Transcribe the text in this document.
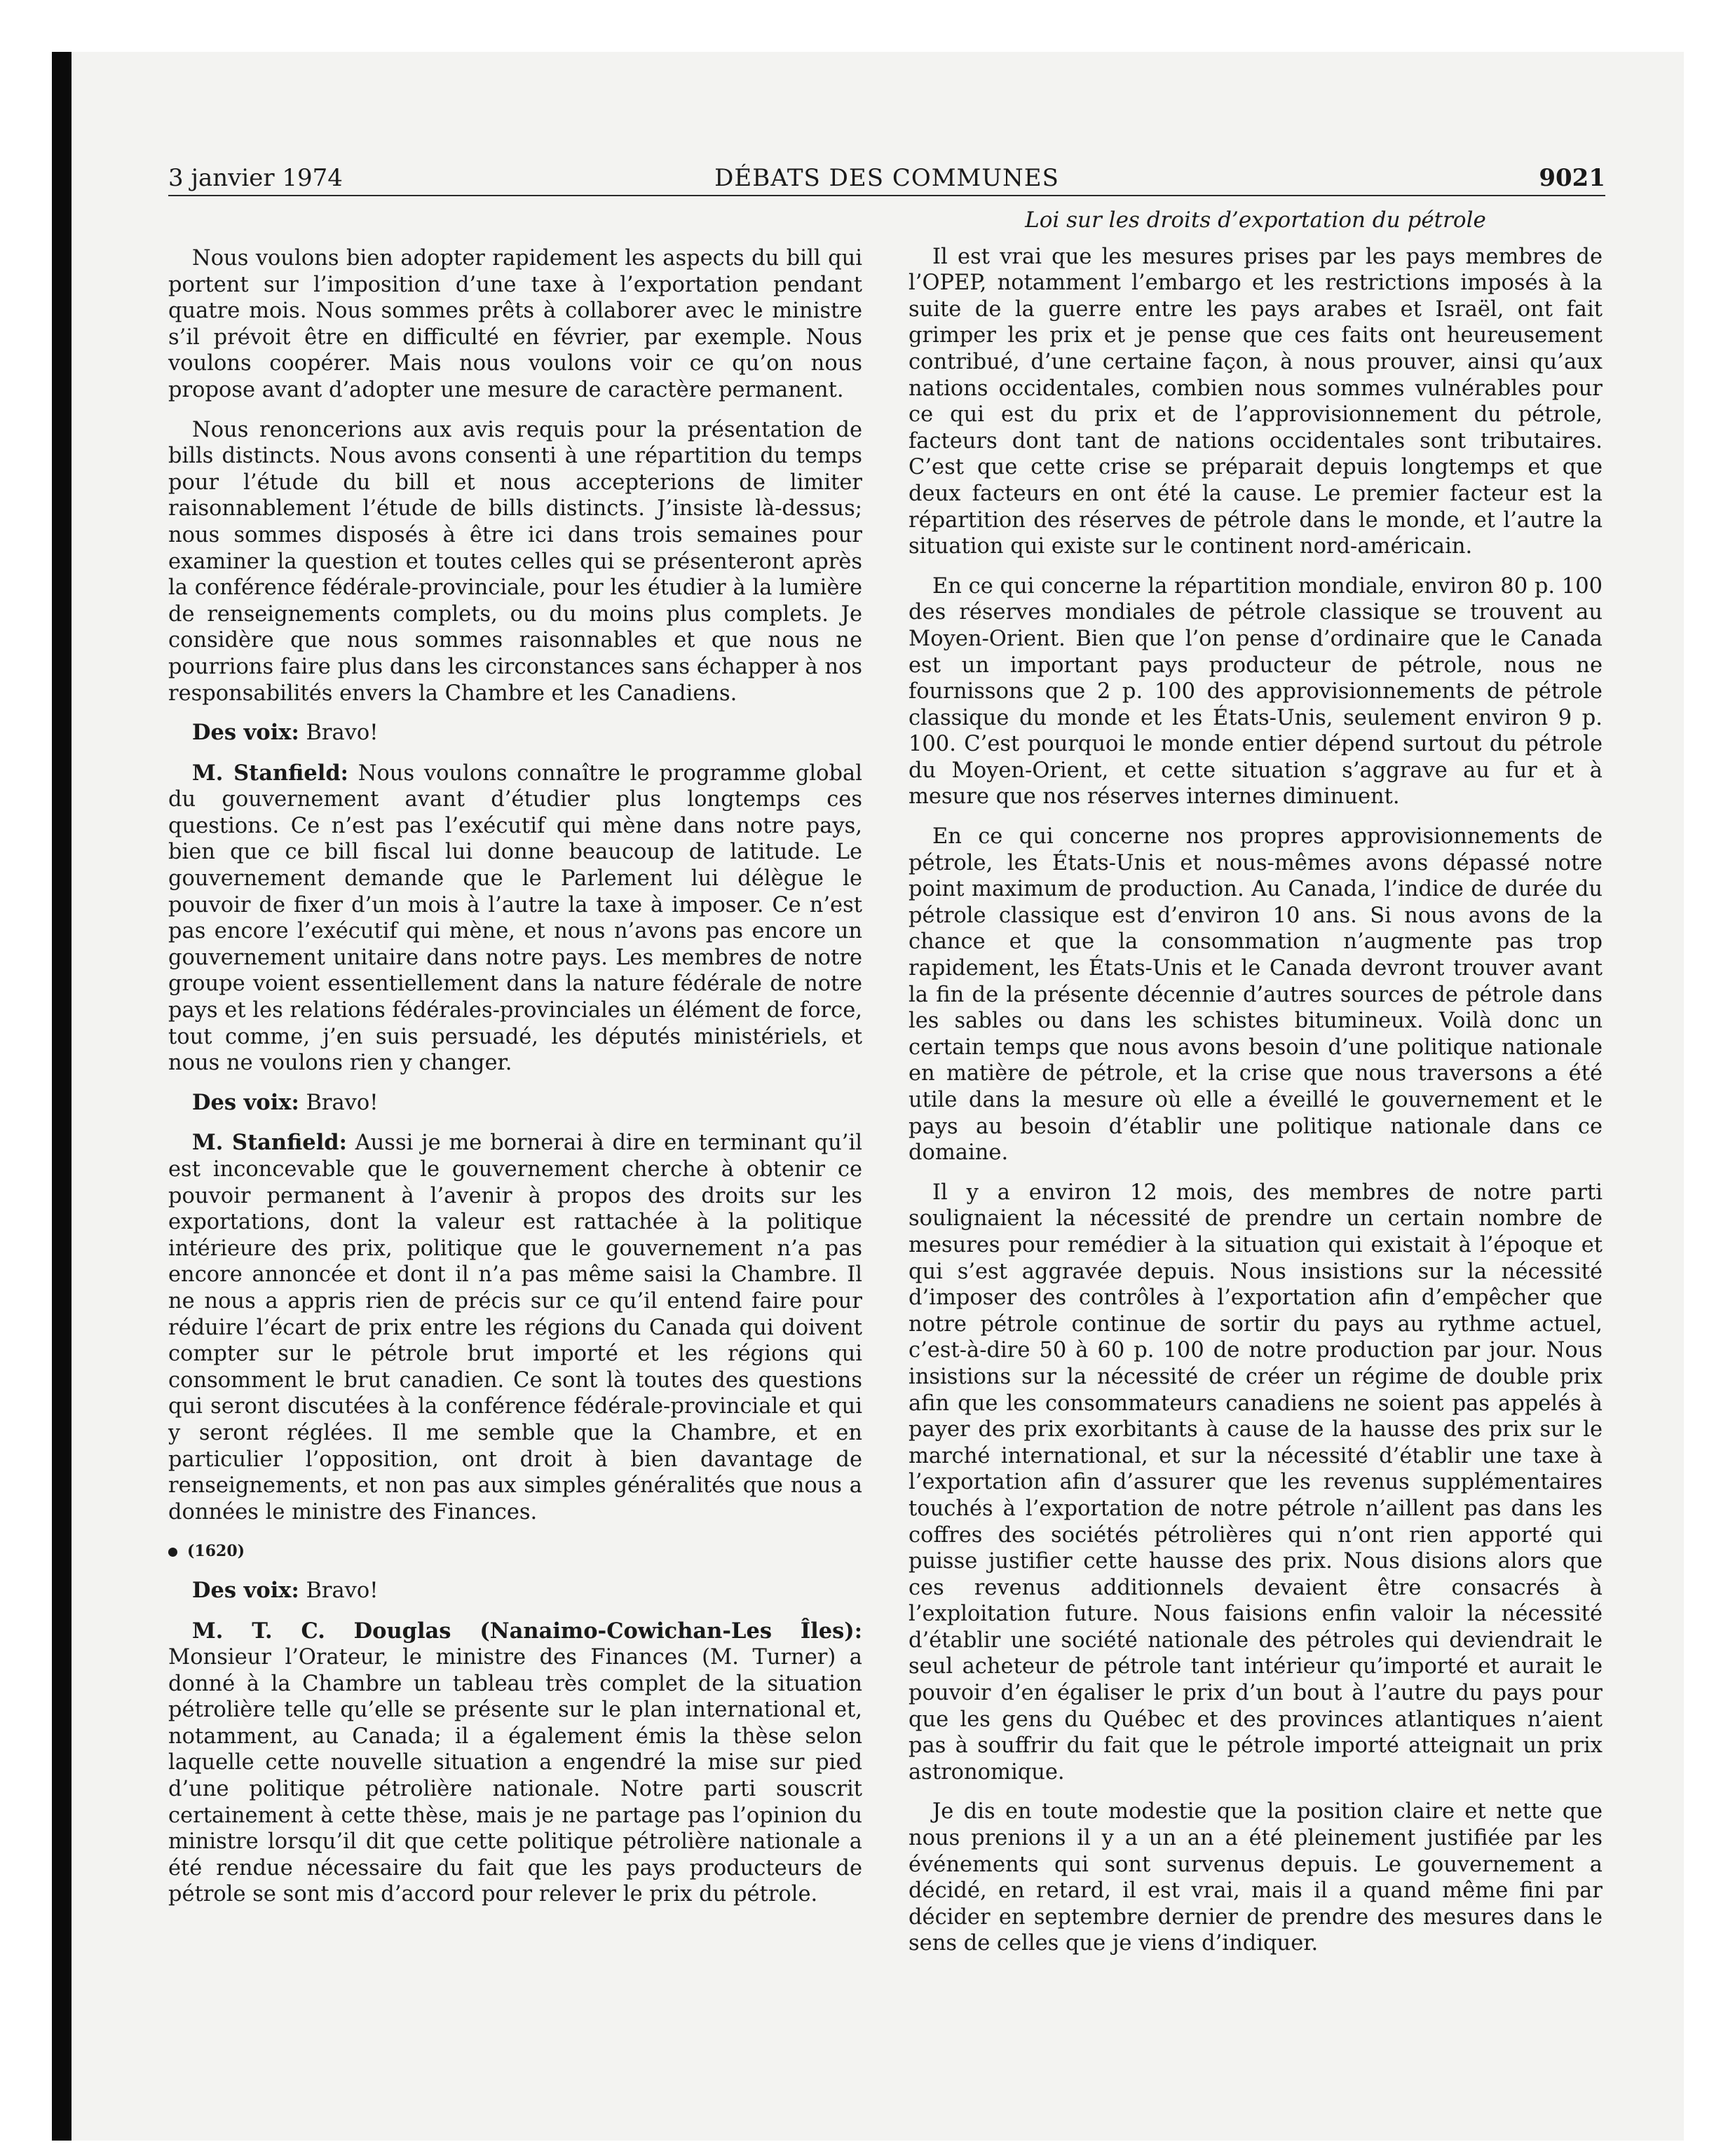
3 janvier 1974	DÉBATS DES COMMUNES	9021

Nous voulons bien adopter rapidement les aspects du bill qui portent sur l’imposition d’une taxe à l’exportation pendant quatre mois. Nous sommes prêts à collaborer avec le ministre s’il prévoit être en difficulté en février, par exemple. Nous voulons coopérer. Mais nous voulons voir ce qu’on nous propose avant d’adopter une mesure de caractère permanent.

Nous renoncerions aux avis requis pour la présentation de bills distincts. Nous avons consenti à une répartition du temps pour l’étude du bill et nous accepterions de limiter raisonnablement l’étude de bills distincts. J’insiste là-dessus; nous sommes disposés à être ici dans trois semaines pour examiner la question et toutes celles qui se présenteront après la conférence fédérale-provinciale, pour les étudier à la lumière de renseignements complets, ou du moins plus complets. Je considère que nous sommes raisonnables et que nous ne pourrions faire plus dans les circonstances sans échapper à nos responsabilités envers la Chambre et les Canadiens.

Des voix: Bravo!

M. Stanfield: Nous voulons connaître le programme global du gouvernement avant d’étudier plus longtemps ces questions. Ce n’est pas l’exécutif qui mène dans notre pays, bien que ce bill fiscal lui donne beaucoup de latitude. Le gouvernement demande que le Parlement lui délègue le pouvoir de fixer d’un mois à l’autre la taxe à imposer. Ce n’est pas encore l’exécutif qui mène, et nous n’avons pas encore un gouvernement unitaire dans notre pays. Les membres de notre groupe voient essentiellement dans la nature fédérale de notre pays et les relations fédérales-provinciales un élément de force, tout comme, j’en suis persuadé, les députés ministériels, et nous ne voulons rien y changer.

Des voix: Bravo!

M. Stanfield: Aussi je me bornerai à dire en terminant qu’il est inconcevable que le gouvernement cherche à obtenir ce pouvoir permanent à l’avenir à propos des droits sur les exportations, dont la valeur est rattachée à la politique intérieure des prix, politique que le gouvernement n’a pas encore annoncée et dont il n’a pas même saisi la Chambre. Il ne nous a appris rien de précis sur ce qu’il entend faire pour réduire l’écart de prix entre les régions du Canada qui doivent compter sur le pétrole brut importé et les régions qui consomment le brut canadien. Ce sont là toutes des questions qui seront discutées à la conférence fédérale-provinciale et qui y seront réglées. Il me semble que la Chambre, et en particulier l’opposition, ont droit à bien davantage de renseignements, et non pas aux simples généralités que nous a données le ministre des Finances.

(1620)
Des voix: Bravo!

M. T. C. Douglas (Nanaimo-Cowichan-Les Îles): Monsieur l’Orateur, le ministre des Finances (M. Turner) a donné à la Chambre un tableau très complet de la situation pétrolière telle qu’elle se présente sur le plan international et, notamment, au Canada; il a également émis la thèse selon laquelle cette nouvelle situation a engendré la mise sur pied d’une politique pétrolière nationale. Notre parti souscrit certainement à cette thèse, mais je ne partage pas l’opinion du ministre lorsqu’il dit que cette politique pétrolière nationale a été rendue nécessaire du fait que les pays producteurs de pétrole se sont mis d’accord pour relever le prix du pétrole.

Loi sur les droits d’exportation du pétrole

Il est vrai que les mesures prises par les pays membres de l’OPEP, notamment l’embargo et les restrictions imposés à la suite de la guerre entre les pays arabes et Israël, ont fait grimper les prix et je pense que ces faits ont heureusement contribué, d’une certaine façon, à nous prouver, ainsi qu’aux nations occidentales, combien nous sommes vulnérables pour ce qui est du prix et de l’approvisionnement du pétrole, facteurs dont tant de nations occidentales sont tributaires. C’est que cette crise se préparait depuis longtemps et que deux facteurs en ont été la cause. Le premier facteur est la répartition des réserves de pétrole dans le monde, et l’autre la situation qui existe sur le continent nord-américain.

En ce qui concerne la répartition mondiale, environ 80 p. 100 des réserves mondiales de pétrole classique se trouvent au Moyen-Orient. Bien que l’on pense d’ordinaire que le Canada est un important pays producteur de pétrole, nous ne fournissons que 2 p. 100 des approvisionnements de pétrole classique du monde et les États-Unis, seulement environ 9 p. 100. C’est pourquoi le monde entier dépend surtout du pétrole du Moyen-Orient, et cette situation s’aggrave au fur et à mesure que nos réserves internes diminuent.

En ce qui concerne nos propres approvisionnements de pétrole, les États-Unis et nous-mêmes avons dépassé notre point maximum de production. Au Canada, l’indice de durée du pétrole classique est d’environ 10 ans. Si nous avons de la chance et que la consommation n’augmente pas trop rapidement, les États-Unis et le Canada devront trouver avant la fin de la présente décennie d’autres sources de pétrole dans les sables ou dans les schistes bitumineux. Voilà donc un certain temps que nous avons besoin d’une politique nationale en matière de pétrole, et la crise que nous traversons a été utile dans la mesure où elle a éveillé le gouvernement et le pays au besoin d’établir une politique nationale dans ce domaine.

Il y a environ 12 mois, des membres de notre parti soulignaient la nécessité de prendre un certain nombre de mesures pour remédier à la situation qui existait à l’époque et qui s’est aggravée depuis. Nous insistions sur la nécessité d’imposer des contrôles à l’exportation afin d’empêcher que notre pétrole continue de sortir du pays au rythme actuel, c’est-à-dire 50 à 60 p. 100 de notre production par jour. Nous insistions sur la nécessité de créer un régime de double prix afin que les consommateurs canadiens ne soient pas appelés à payer des prix exorbitants à cause de la hausse des prix sur le marché international, et sur la nécessité d’établir une taxe à l’exportation afin d’assurer que les revenus supplémentaires touchés à l’exportation de notre pétrole n’aillent pas dans les coffres des sociétés pétrolières qui n’ont rien apporté qui puisse justifier cette hausse des prix. Nous disions alors que ces revenus additionnels devaient être consacrés à l’exploitation future. Nous faisions enfin valoir la nécessité d’établir une société nationale des pétroles qui deviendrait le seul acheteur de pétrole tant intérieur qu’importé et aurait le pouvoir d’en égaliser le prix d’un bout à l’autre du pays pour que les gens du Québec et des provinces atlantiques n’aient pas à souffrir du fait que le pétrole importé atteignait un prix astronomique.

Je dis en toute modestie que la position claire et nette que nous prenions il y a un an a été pleinement justifiée par les événements qui sont survenus depuis. Le gouvernement a décidé, en retard, il est vrai, mais il a quand même fini par décider en septembre dernier de prendre des mesures dans le sens de celles que je viens d’indiquer.
